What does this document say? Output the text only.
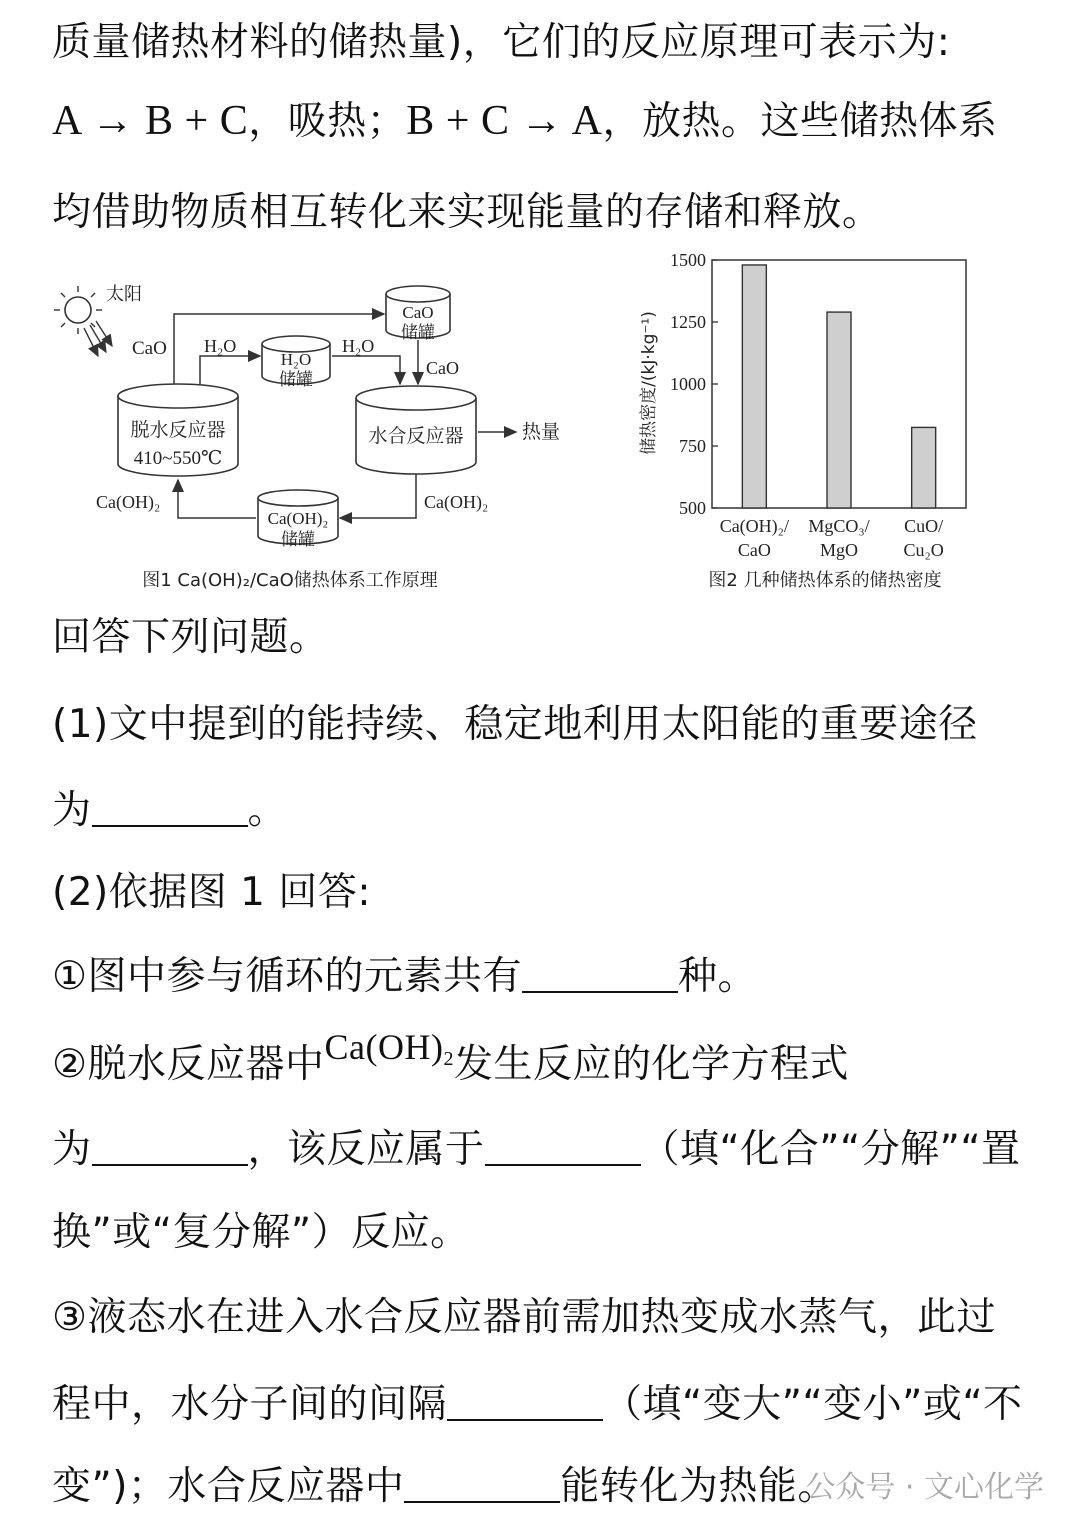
质量储热材料的储热量)，它们的反应原理可表示为:
A → B + C，吸热；B + C → A，放热。这些储热体系
均借助物质相互转化来实现能量的存储和释放。
太阳
CaO
脱水反应器
410~550℃
H₂O
储罐
CaO
储罐
水合反应器
Ca(OH)₂
储罐
H₂O	H₂O
CaO
热量
Ca(OH)₂	Ca(OH)₂
图1 Ca(OH)₂/CaO储热体系工作原理
500
750
1000
1250
1500
Ca(OH)₂/
CaO
MgCO₃/
MgO
CuO/
Cu₂O
储热密度/(kJ·kg⁻¹)
图2 几种储热体系的储热密度
回答下列问题。
(1)文中提到的能持续、稳定地利用太阳能的重要途径
为	。
(2)依据图 1 回答:
①图中参与循环的元素共有	种。
②脱水反应器中$Ca(OH)_2$发生反应的化学方程式
为	，该反应属于	（填“化合”“分解”“置
换”或“复分解”）反应。
③液态水在进入水合反应器前需加热变成水蒸气，此过
程中，水分子间的间隔	（填“变大”“变小”或“不
变”)；水合反应器中	能转化为热能。
公众号 · 文心化学
